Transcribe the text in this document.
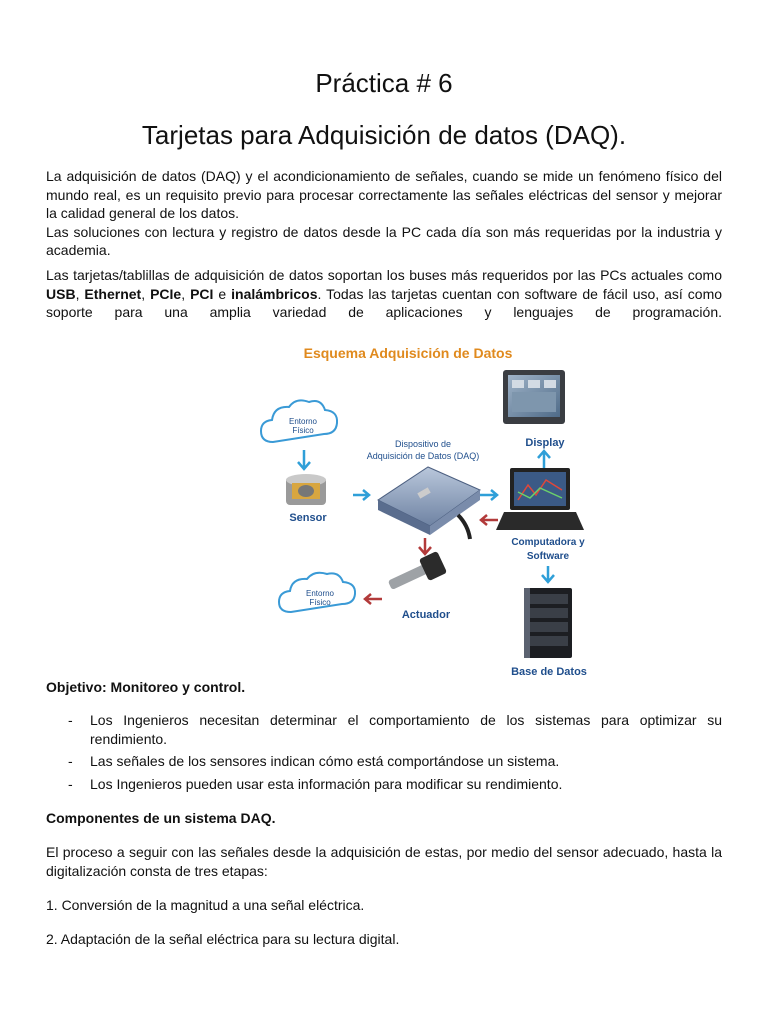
Práctica # 6
Tarjetas para Adquisición de datos (DAQ).

La adquisición de datos (DAQ) y el acondicionamiento de señales, cuando se mide un fenómeno físico del mundo real, es un requisito previo para procesar correctamente las señales eléctricas del sensor y mejorar la calidad general de los datos.
Las soluciones con lectura y registro de datos desde la PC cada día son más requeridas por la industria y academia.

Las tarjetas/tablillas de adquisición de datos soportan los buses más requeridos por las PCs actuales como USB, Ethernet, PCIe, PCI e inalámbricos. Todas las tarjetas cuentan con software de fácil uso, así como soporte para una amplia variedad de aplicaciones y lenguajes de programación.

Esquema Adquisición de Datos
Entorno
Físico
Sensor
Dispositivo de
Adquisición de Datos (DAQ)
Actuador
Entorno
Físico
Display
Computadora y
Software
Base de Datos
Objetivo: Monitoreo y control.
- Los Ingenieros necesitan determinar el comportamiento de los sistemas para optimizar su rendimiento.
- Las señales de los sensores indican cómo está comportándose un sistema.
- Los Ingenieros pueden usar esta información para modificar su rendimiento.
Componentes de un sistema DAQ.

El proceso a seguir con las señales desde la adquisición de estas, por medio del sensor adecuado, hasta la digitalización consta de tres etapas:

1. Conversión de la magnitud a una señal eléctrica.
2. Adaptación de la señal eléctrica para su lectura digital.
